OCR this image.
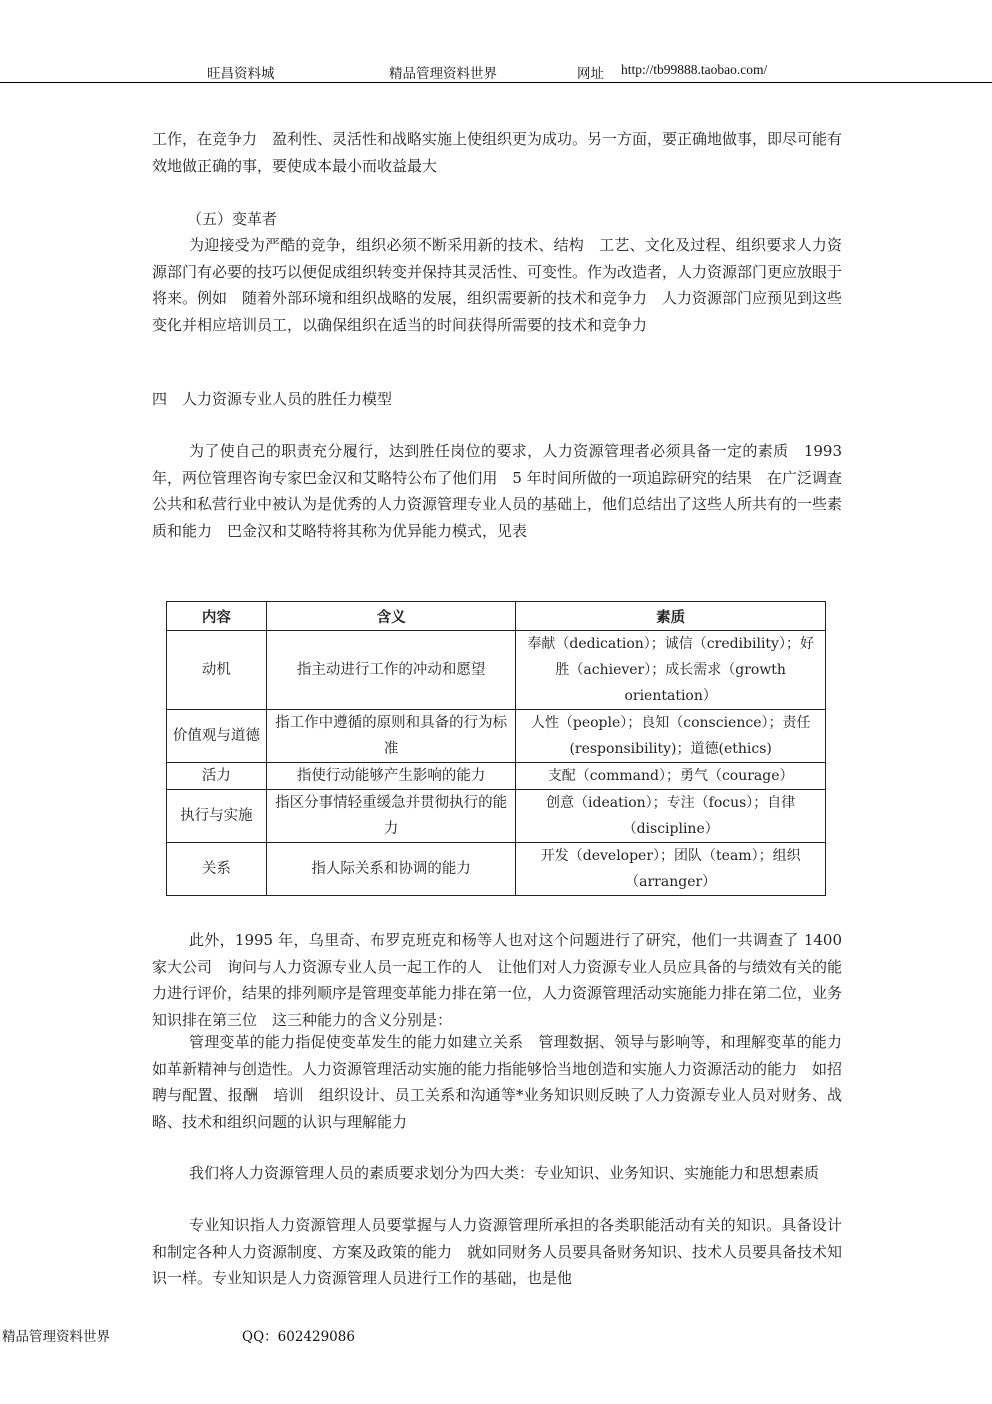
旺昌资料城	精品管理资料世界	网址 http://tb99888.taobao.com/

工作，在竞争力　盈利性、灵活性和战略实施上使组织更为成功。另一方面，要正确地做事，即尽可能有效地做正确的事，要使成本最小而收益最大

（五）变革者

为迎接受为严酷的竞争，组织必须不断采用新的技术、结构　工艺、文化及过程、组织要求人力资源部门有必要的技巧以便促成组织转变并保持其灵活性、可变性。作为改造者，人力资源部门更应放眼于将来。例如　随着外部环境和组织战略的发展，组织需要新的技术和竞争力　人力资源部门应预见到这些变化并相应培训员工，以确保组织在适当的时间获得所需要的技术和竞争力

四　人力资源专业人员的胜任力模型

为了使自己的职责充分履行，达到胜任岗位的要求，人力资源管理者必须具备一定的素质　1993 年，两位管理咨询专家巴金汉和艾略特公布了他们用　5 年时间所做的一项追踪研究的结果　在广泛调查公共和私营行业中被认为是优秀的人力资源管理专业人员的基础上，他们总结出了这些人所共有的一些素质和能力　巴金汉和艾略特将其称为优异能力模式，见表

内容	含义	素质
动机	指主动进行工作的冲动和愿望	奉献（dedication）；诚信（credibility）；好胜（achiever）；成长需求（growth orientation）
价值观与道德	指工作中遵循的原则和具备的行为标准	人性（people）；良知（conscience）；责任(responsibility)；道德(ethics)
活力	指使行动能够产生影响的能力	支配（command）；勇气（courage）
执行与实施	指区分事情轻重缓急并贯彻执行的能力	创意（ideation）；专注（focus）；自律（discipline）
关系	指人际关系和协调的能力	开发（developer）；团队（team）；组织（arranger）

此外，1995 年，乌里奇、布罗克班克和杨等人也对这个问题进行了研究，他们一共调查了 1400 家大公司　询问与人力资源专业人员一起工作的人　让他们对人力资源专业人员应具备的与绩效有关的能力进行评价，结果的排列顺序是管理变革能力排在第一位，人力资源管理活动实施能力排在第二位，业务知识排在第三位　这三种能力的含义分别是：

管理变革的能力指促使变革发生的能力如建立关系　管理数据、领导与影响等，和理解变革的能力如革新精神与创造性。人力资源管理活动实施的能力指能够恰当地创造和实施人力资源活动的能力　如招聘与配置、报酬　培训　组织设计、员工关系和沟通等*业务知识则反映了人力资源专业人员对财务、战略、技术和组织问题的认识与理解能力

我们将人力资源管理人员的素质要求划分为四大类：专业知识、业务知识、实施能力和思想素质

专业知识指人力资源管理人员要掌握与人力资源管理所承担的各类职能活动有关的知识。具备设计和制定各种人力资源制度、方案及政策的能力　就如同财务人员要具备财务知识、技术人员要具备技术知识一样。专业知识是人力资源管理人员进行工作的基础，也是他

精品管理资料世界	QQ：602429086
